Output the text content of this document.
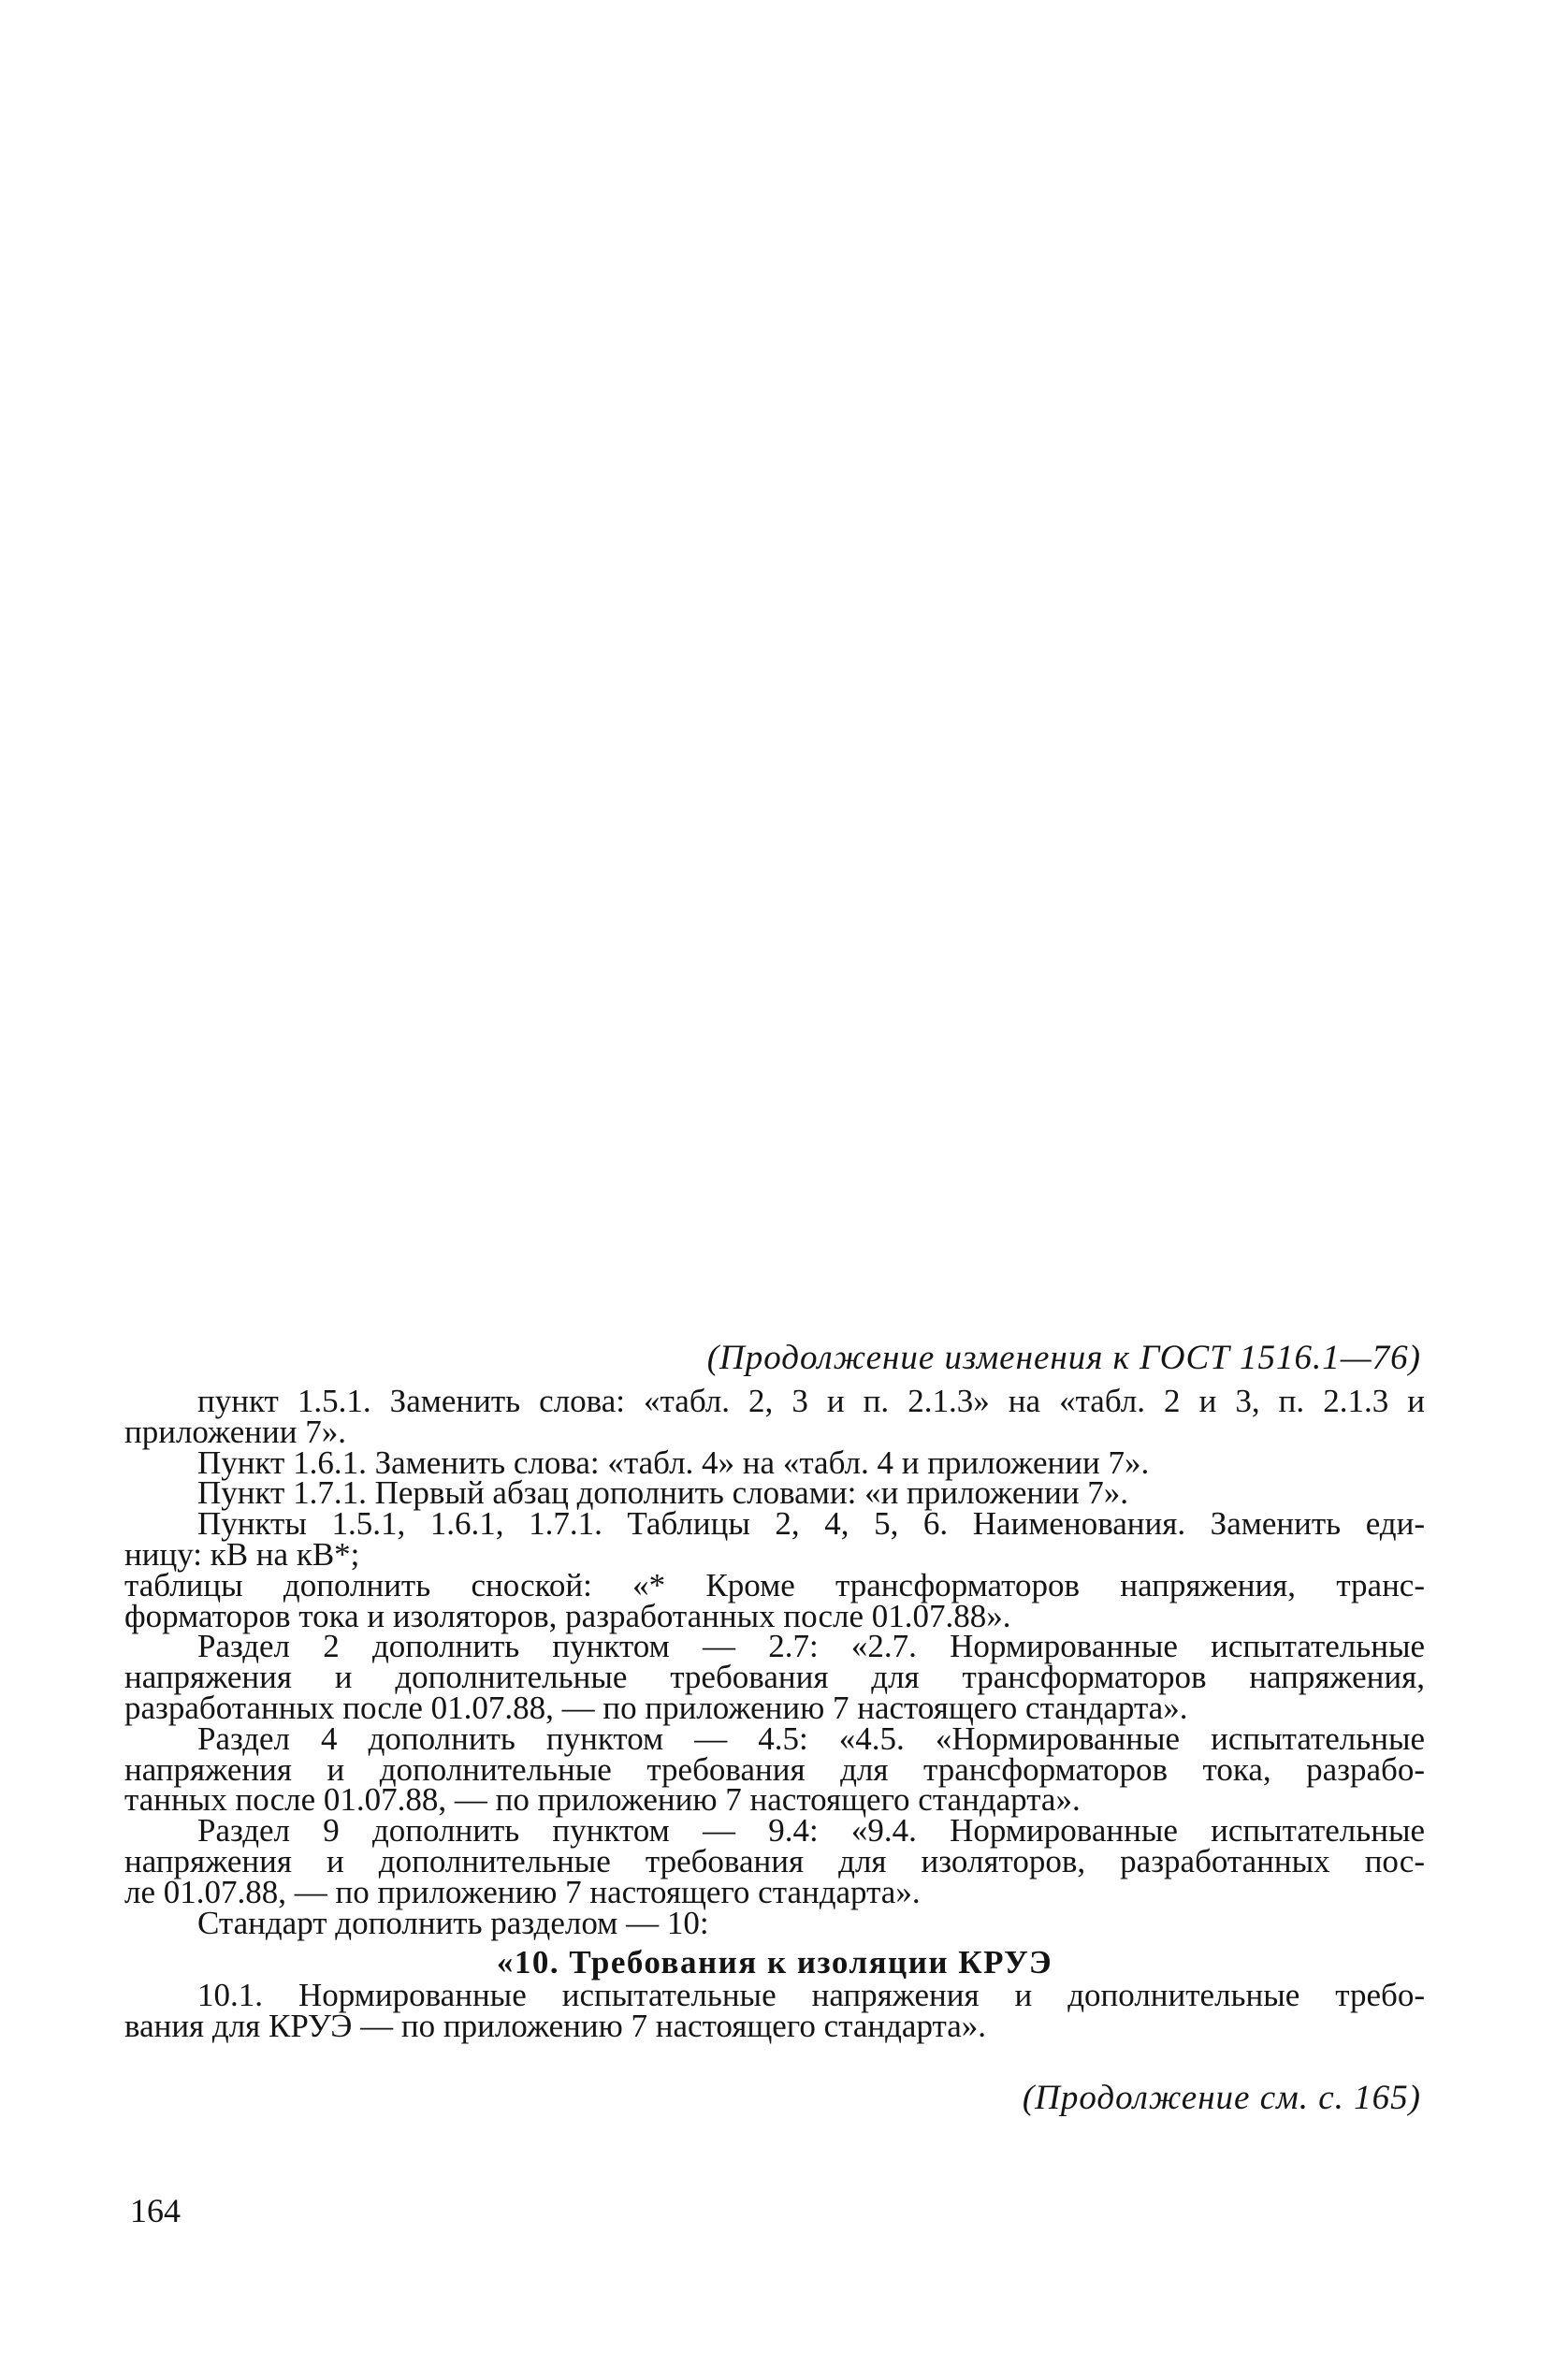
(Продолжение изменения к ГОСТ 1516.1—76)
пункт 1.5.1. Заменить слова: «табл. 2, 3 и п. 2.1.3» на «табл. 2 и 3, п. 2.1.3 и
приложении 7».
Пункт 1.6.1. Заменить слова: «табл. 4» на «табл. 4 и приложении 7».
Пункт 1.7.1. Первый абзац дополнить словами: «и приложении 7».
Пункты 1.5.1, 1.6.1, 1.7.1. Таблицы 2, 4, 5, 6. Наименования. Заменить еди-
ницу: кВ на кВ*;
таблицы дополнить сноской: «* Кроме трансформаторов напряжения, транс-
форматоров тока и изоляторов, разработанных после 01.07.88».
Раздел 2 дополнить пунктом — 2.7: «2.7. Нормированные испытательные
напряжения и дополнительные требования для трансформаторов напряжения,
разработанных после 01.07.88, — по приложению 7 настоящего стандарта».
Раздел 4 дополнить пунктом — 4.5: «4.5. «Нормированные испытательные
напряжения и дополнительные требования для трансформаторов тока, разрабо-
танных после 01.07.88, — по приложению 7 настоящего стандарта».
Раздел 9 дополнить пунктом — 9.4: «9.4. Нормированные испытательные
напряжения и дополнительные требования для изоляторов, разработанных пос-
ле 01.07.88, — по приложению 7 настоящего стандарта».
Стандарт дополнить разделом — 10:
«10. Требования к изоляции КРУЭ
10.1. Нормированные испытательные напряжения и дополнительные требо-
вания для КРУЭ — по приложению 7 настоящего стандарта».
(Продолжение см. с. 165)
164
